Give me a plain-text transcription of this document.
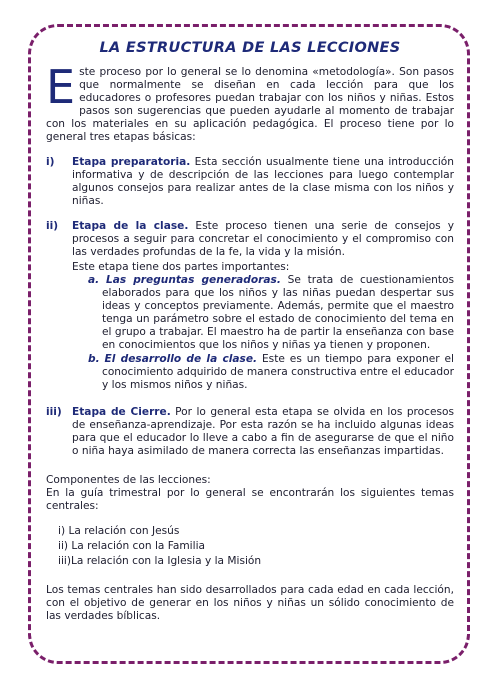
LA ESTRUCTURA DE LAS LECCIONES
E ste proceso por lo general se lo denomina «metodología». Son pasos que normalmente se diseñan en cada lección para que los educadores o profesores puedan trabajar con los niños y niñas. Estos pasos son sugerencias que pueden ayudarle al momento de trabajar con los materiales en su aplicación pedagógica. El proceso tiene por lo general tres etapas básicas:

i) Etapa preparatoria. Esta sección usualmente tiene una introducción informativa y de descripción de las lecciones para luego contemplar algunos consejos para realizar antes de la clase misma con los niños y niñas.

ii) Etapa de la clase. Este proceso tienen una serie de consejos y procesos a seguir para concretar el conocimiento y el compromiso con las verdades profundas de la fe, la vida y la misión.

Este etapa tiene dos partes importantes:

a. Las preguntas generadoras. Se trata de cuestionamientos elaborados para que los niños y las niñas puedan despertar sus ideas y conceptos previamente. Además, permite que el maestro tenga un parámetro sobre el estado de conocimiento del tema en el grupo a trabajar. El maestro ha de partir la enseñanza con base en conocimientos que los niños y niñas ya tienen y proponen.

b. El desarrollo de la clase. Este es un tiempo para exponer el conocimiento adquirido de manera constructiva entre el educador y los mismos niños y niñas.

iii) Etapa de Cierre. Por lo general esta etapa se olvida en los procesos de enseñanza-aprendizaje. Por esta razón se ha incluido algunas ideas para que el educador lo lleve a cabo a fin de asegurarse de que el niño o niña haya asimilado de manera correcta las enseñanzas impartidas.

Componentes de las lecciones:

En la guía trimestral por lo general se encontrarán los siguientes temas centrales:

i) La relación con Jesús

ii) La relación con la Familia

iii)La relación con la Iglesia y la Misión

Los temas centrales han sido desarrollados para cada edad en cada lección, con el objetivo de generar en los niños y niñas un sólido conocimiento de las verdades bíblicas.
